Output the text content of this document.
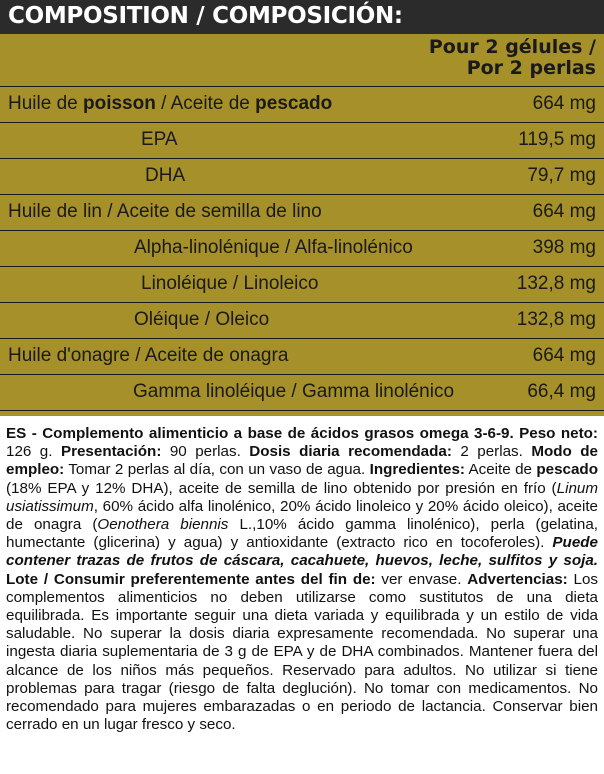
COMPOSITION / COMPOSICIÓN:
Pour 2 gélules /
Por 2 perlas
Huile de poisson / Aceite de pescado	664 mg
EPA	119,5 mg
DHA	79,7 mg
Huile de lin / Aceite de semilla de lino	664 mg
Alpha-linolénique / Alfa-linolénico	398 mg
Linoléique / Linoleico	132,8 mg
Oléique / Oleico	132,8 mg
Huile d'onagre / Aceite de onagra	664 mg
Gamma linoléique / Gamma linolénico	66,4 mg

ES - Complemento alimenticio a base de ácidos grasos omega 3-6-9. Peso neto: 126 g. Presentación: 90 perlas. Dosis diaria recomendada: 2 perlas. Modo de empleo: Tomar 2 perlas al día, con un vaso de agua. Ingredientes: Aceite de pescado (18% EPA y 12% DHA), aceite de semilla de lino obtenido por presión en frío (Linum usiatissimum, 60% ácido alfa linolénico, 20% ácido linoleico y 20% ácido oleico), aceite de onagra (Oenothera biennis L.,10% ácido gamma linolénico), perla (gelatina, humectante (glicerina) y agua) y antioxidante (extracto rico en tocoferoles). Puede contener trazas de frutos de cáscara, cacahuete, huevos, leche, sulfitos y soja. Lote / Consumir preferentemente antes del fin de: ver envase. Advertencias: Los complementos alimenticios no deben utilizarse como sustitutos de una dieta equilibrada. Es importante seguir una dieta variada y equilibrada y un estilo de vida saludable. No superar la dosis diaria expresamente recomendada. No superar una ingesta diaria suplementaria de 3 g de EPA y de DHA combinados. Mantener fuera del alcance de los niños más pequeños. Reservado para adultos. No utilizar si tiene problemas para tragar (riesgo de falta deglución). No tomar con medicamentos. No recomendado para mujeres embarazadas o en periodo de lactancia. Conservar bien cerrado en un lugar fresco y seco.
